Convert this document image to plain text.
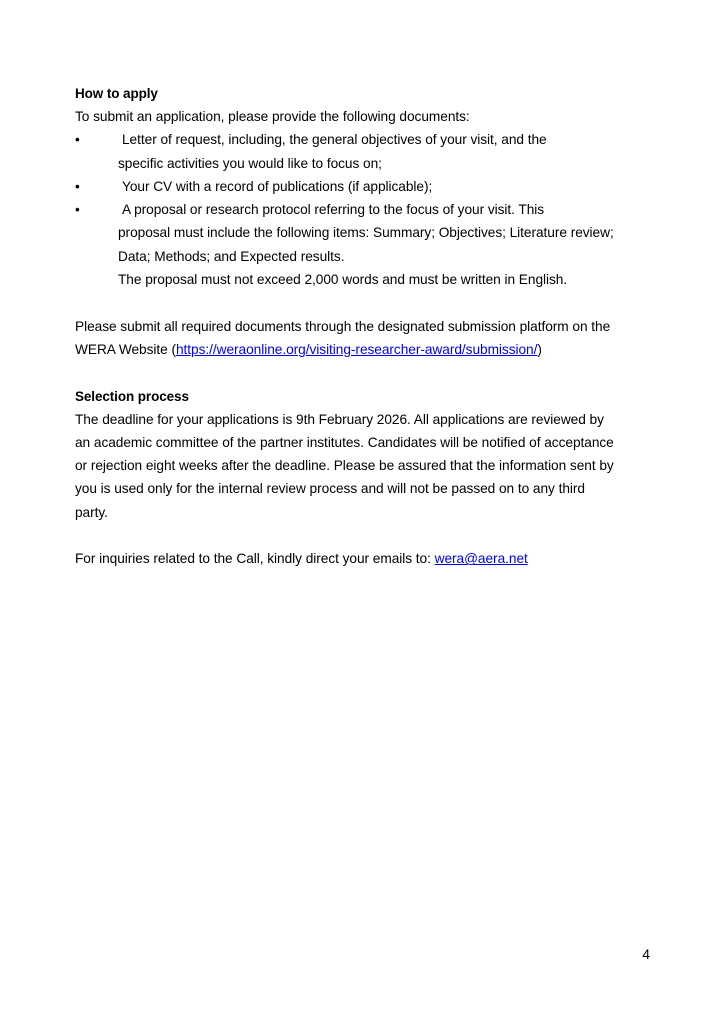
How to apply

To submit an application, please provide the following documents:

•	Letter of request, including, the general objectives of your visit, and the
specific activities you would like to focus on;
•	Your CV with a record of publications (if applicable);
•	A proposal or research protocol referring to the focus of your visit. This
proposal must include the following items: Summary; Objectives; Literature review;
Data; Methods; and Expected results.
The proposal must not exceed 2,000 words and must be written in English.

Please submit all required documents through the designated submission platform on the

WERA Website (https://weraonline.org/visiting-researcher-award/submission/)

Selection process

The deadline for your applications is 9th February 2026. All applications are reviewed by an academic committee of the partner institutes. Candidates will be notified of acceptance or rejection eight weeks after the deadline. Please be assured that the information sent by you is used only for the internal review process and will not be passed on to any third party.

For inquiries related to the Call, kindly direct your emails to: wera@aera.net

4
